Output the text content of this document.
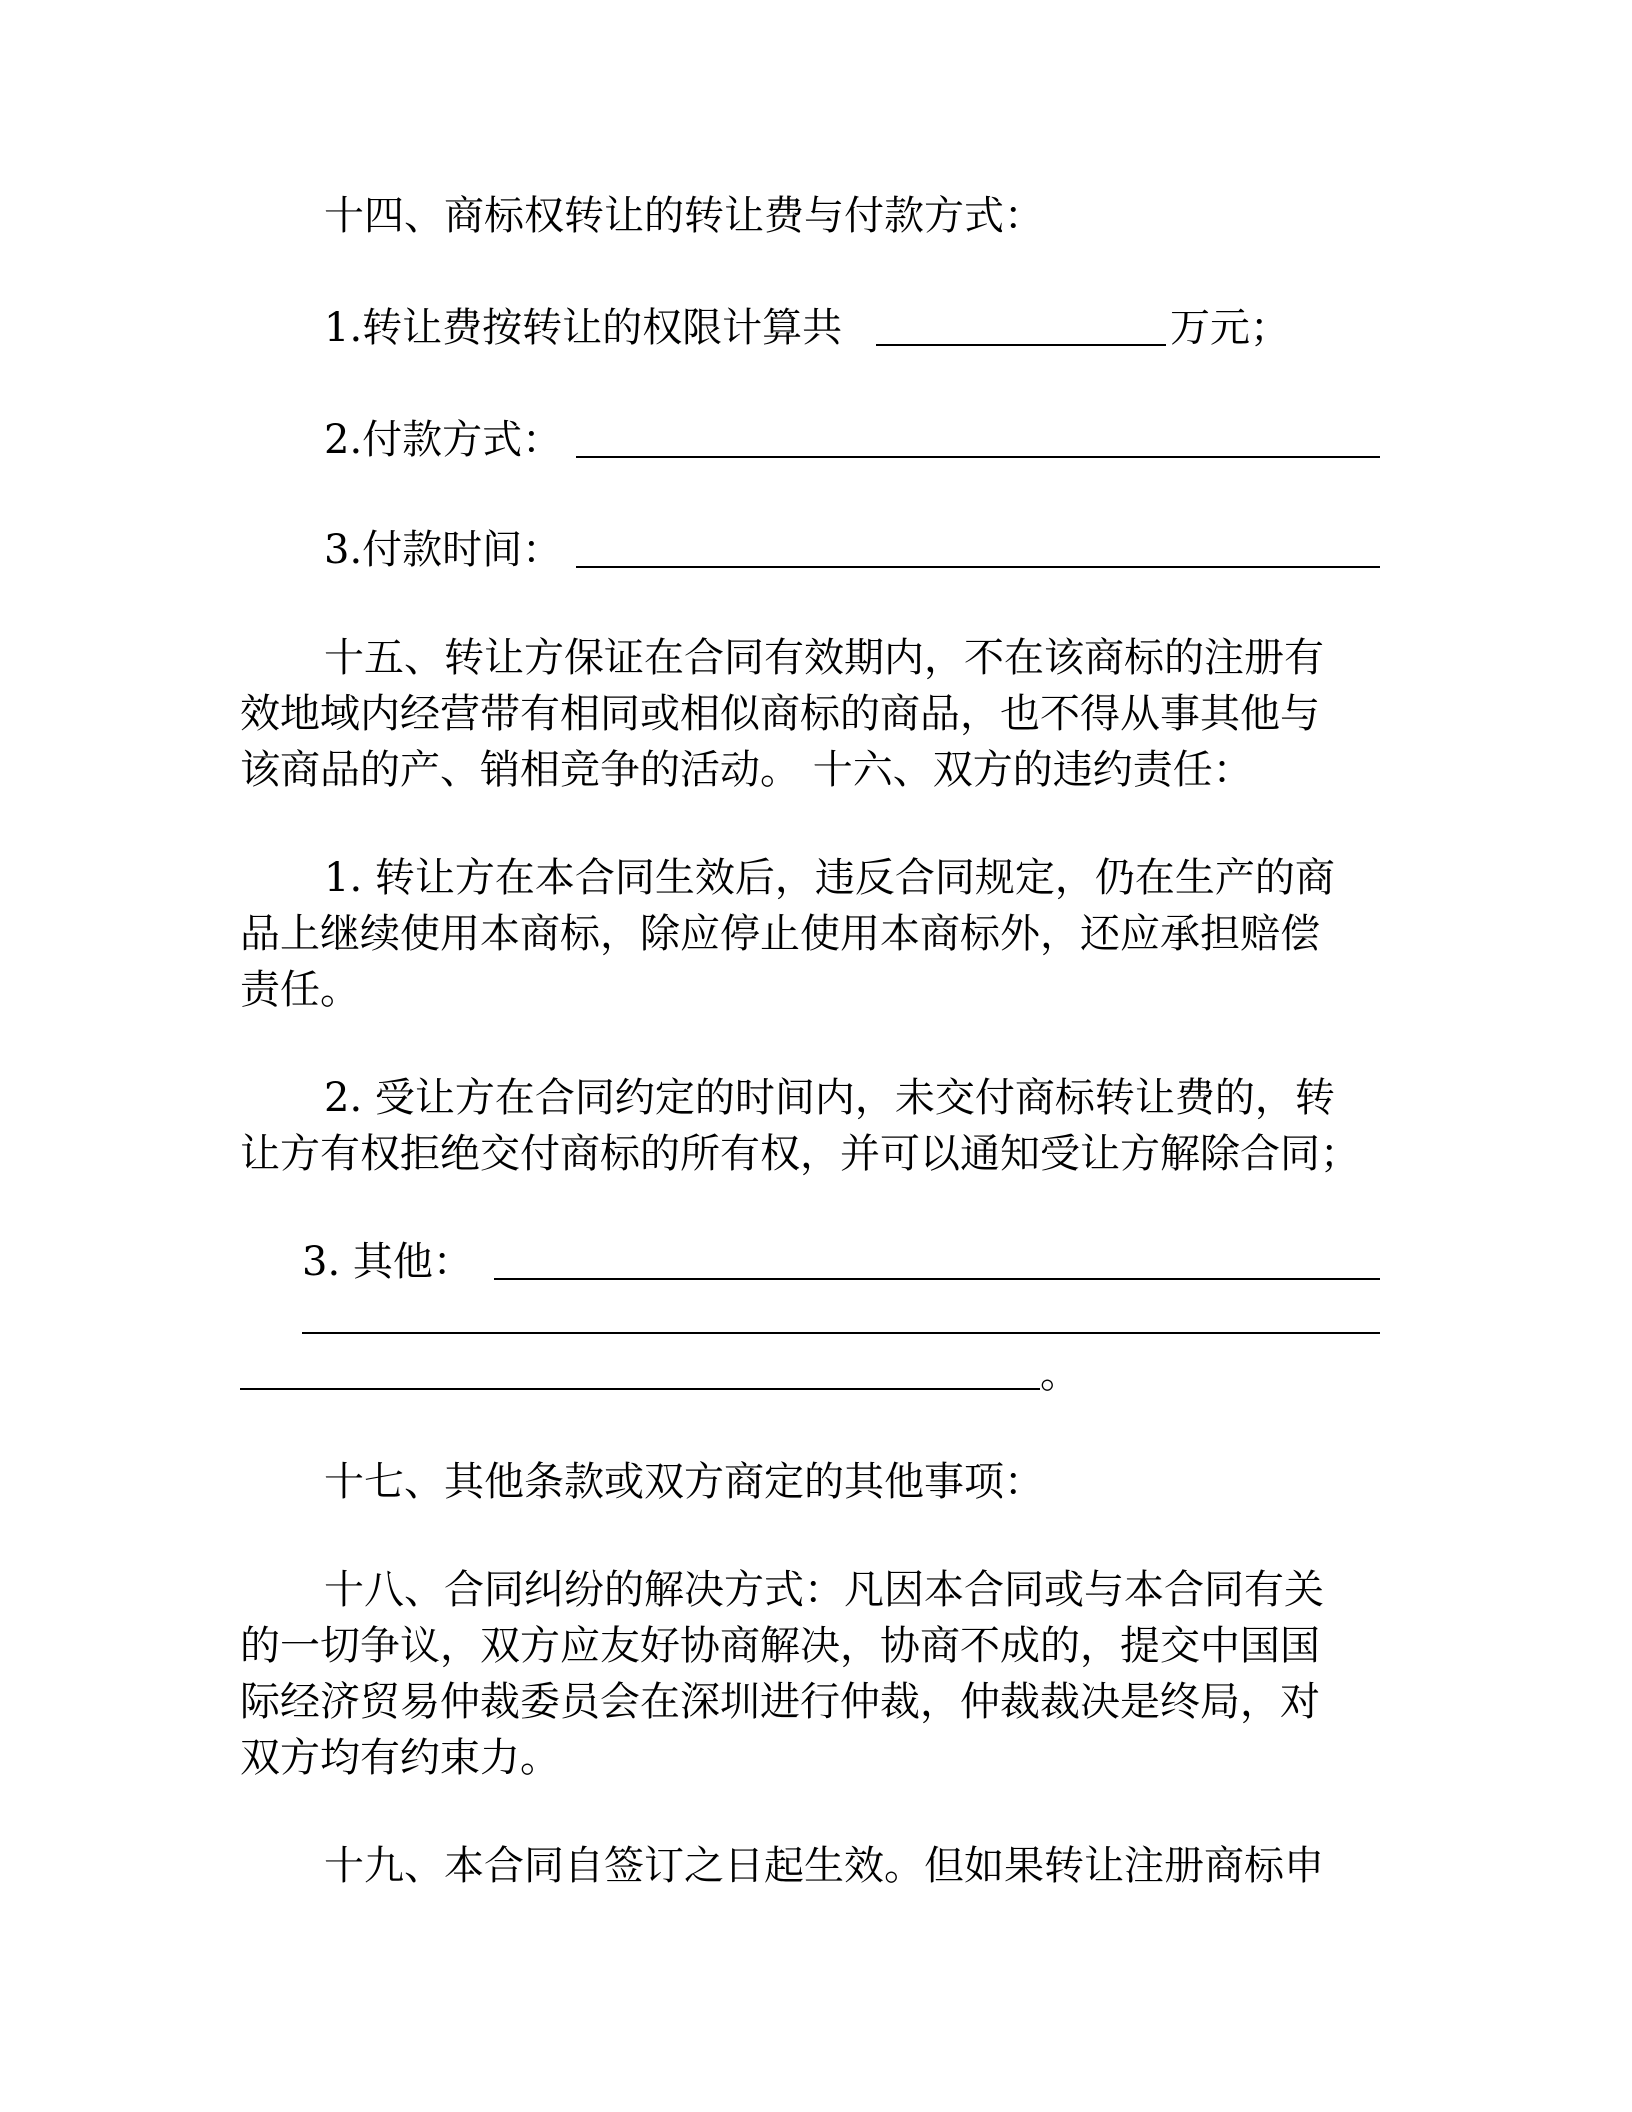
十四、商标权转让的转让费与付款方式：
1.转让费按转让的权限计算共	万元；
2.付款方式：
3.付款时间：
十五、转让方保证在合同有效期内，不在该商标的注册有
效地域内经营带有相同或相似商标的商品，也不得从事其他与
该商品的产、销相竞争的活动。 十六、双方的违约责任：
1. 转让方在本合同生效后，违反合同规定，仍在生产的商
品上继续使用本商标，除应停止使用本商标外，还应承担赔偿
责任。
2. 受让方在合同约定的时间内，未交付商标转让费的，转
让方有权拒绝交付商标的所有权，并可以通知受让方解除合同；
3. 其他：
。
十七、其他条款或双方商定的其他事项：
十八、合同纠纷的解决方式：凡因本合同或与本合同有关
的一切争议，双方应友好协商解决，协商不成的，提交中国国
际经济贸易仲裁委员会在深圳进行仲裁，仲裁裁决是终局，对
双方均有约束力。
十九、本合同自签订之日起生效。但如果转让注册商标申
